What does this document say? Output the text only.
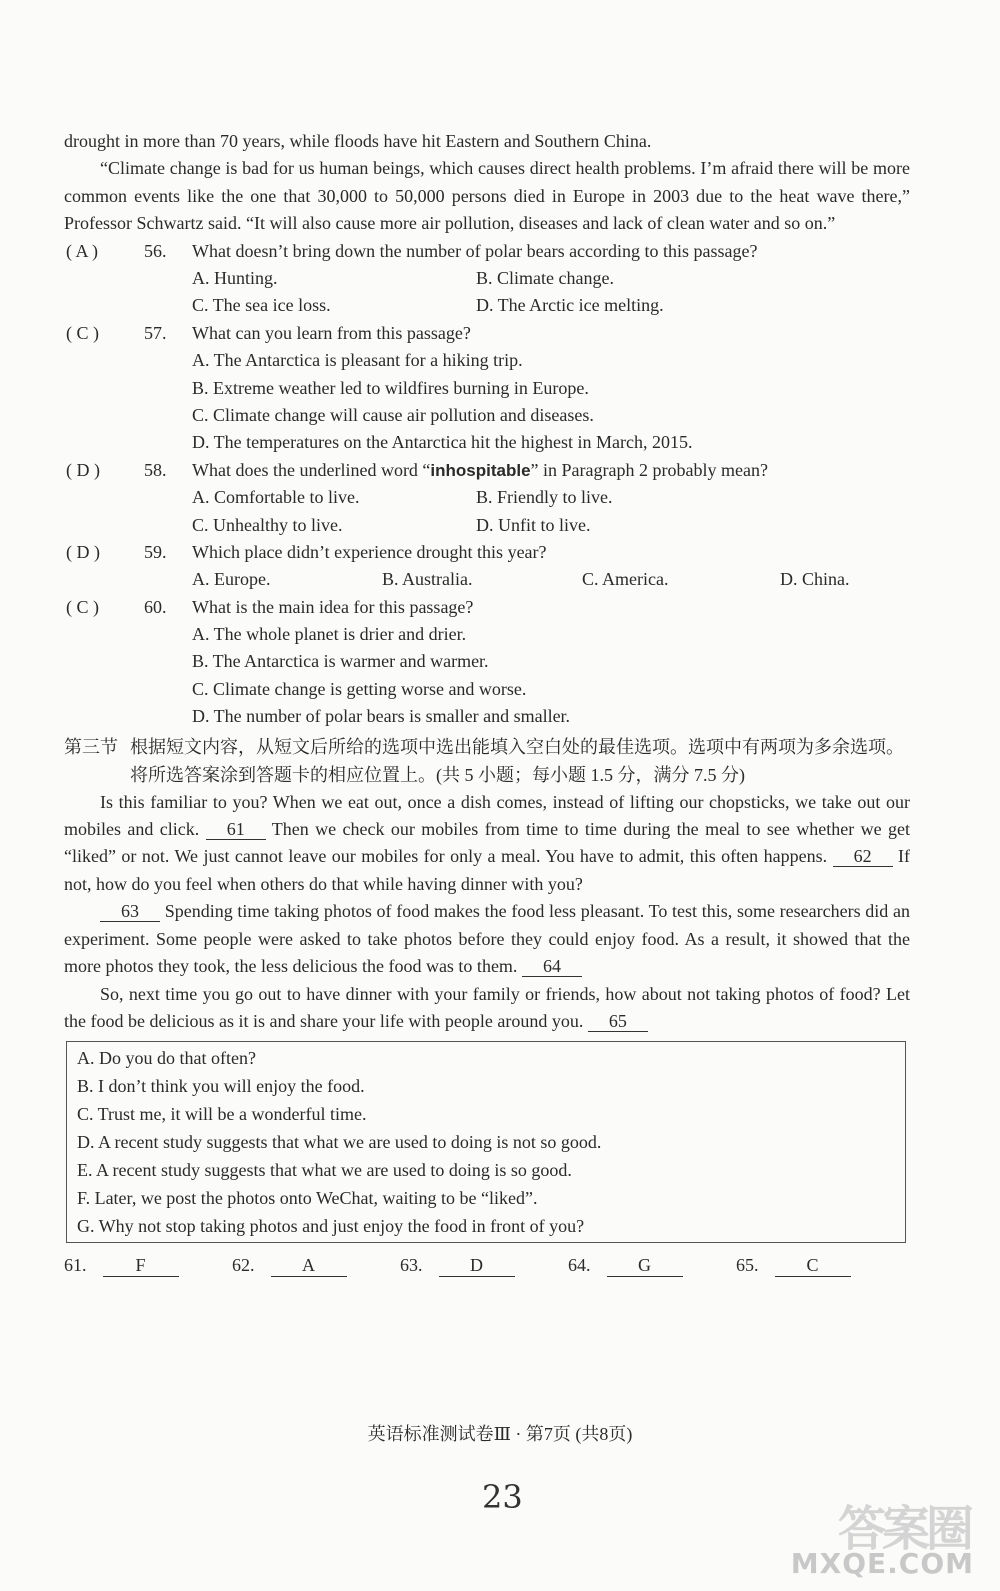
drought in more than 70 years, while floods have hit Eastern and Southern China.

“Climate change is bad for us human beings, which causes direct health problems. I’m afraid there will be more common events like the one that 30,000 to 50,000 persons died in Europe in 2003 due to the heat wave there,” Professor Schwartz said. “It will also cause more air pollution, diseases and lack of clean water and so on.”

( A )	56. What doesn’t bring down the number of polar bears according to this passage?
A. Hunting.	B. Climate change.
C. The sea ice loss.	D. The Arctic ice melting.
( C )	57. What can you learn from this passage?
A. The Antarctica is pleasant for a hiking trip.
B. Extreme weather led to wildfires burning in Europe.
C. Climate change will cause air pollution and diseases.
D. The temperatures on the Antarctica hit the highest in March, 2015.
( D ) 58. What does the underlined word “inhospitable” in Paragraph 2 probably mean?
A. Comfortable to live.	B. Friendly to live.
C. Unhealthy to live.	D. Unfit to live.
( D ) 59. Which place didn’t experience drought this year?
A. Europe.	B. Australia.	C. America.	D. China.
( C )	60. What is the main idea for this passage?
A. The whole planet is drier and drier.
B. The Antarctica is warmer and warmer.
C. Climate change is getting worse and worse.
D. The number of polar bears is smaller and smaller.
第三节 根据短文内容，从短文后所给的选项中选出能填入空白处的最佳选项。选项中有两项为多余选项。将所选答案涂到答题卡的相应位置上。(共 5 小题；每小题 1.5 分，满分 7.5 分)

Is this familiar to you? When we eat out, once a dish comes, instead of lifting our chopsticks, we take out our mobiles and click. 61 Then we check our mobiles from time to time during the meal to see whether we get “liked” or not. We just cannot leave our mobiles for only a meal. You have to admit, this often happens. 62 If not, how do you feel when others do that while having dinner with you?

63 Spending time taking photos of food makes the food less pleasant. To test this, some researchers did an experiment. Some people were asked to take photos before they could enjoy food. As a result, it showed that the more photos they took, the less delicious the food was to them. 64

So, next time you go out to have dinner with your family or friends, how about not taking photos of food? Let the food be delicious as it is and share your life with people around you. 65

A. Do you do that often?
B. I don’t think you will enjoy the food.
C. Trust me, it will be a wonderful time.
D. A recent study suggests that what we are used to doing is not so good.
E. A recent study suggests that what we are used to doing is so good.
F. Later, we post the photos onto WeChat, waiting to be “liked”.
G. Why not stop taking photos and just enjoy the food in front of you?
61.	F	62.	A	63.	D	64.	G	65.	C
英语标准测试卷Ⅲ · 第7页 (共8页)
23
答案圈
MXQE.COM
